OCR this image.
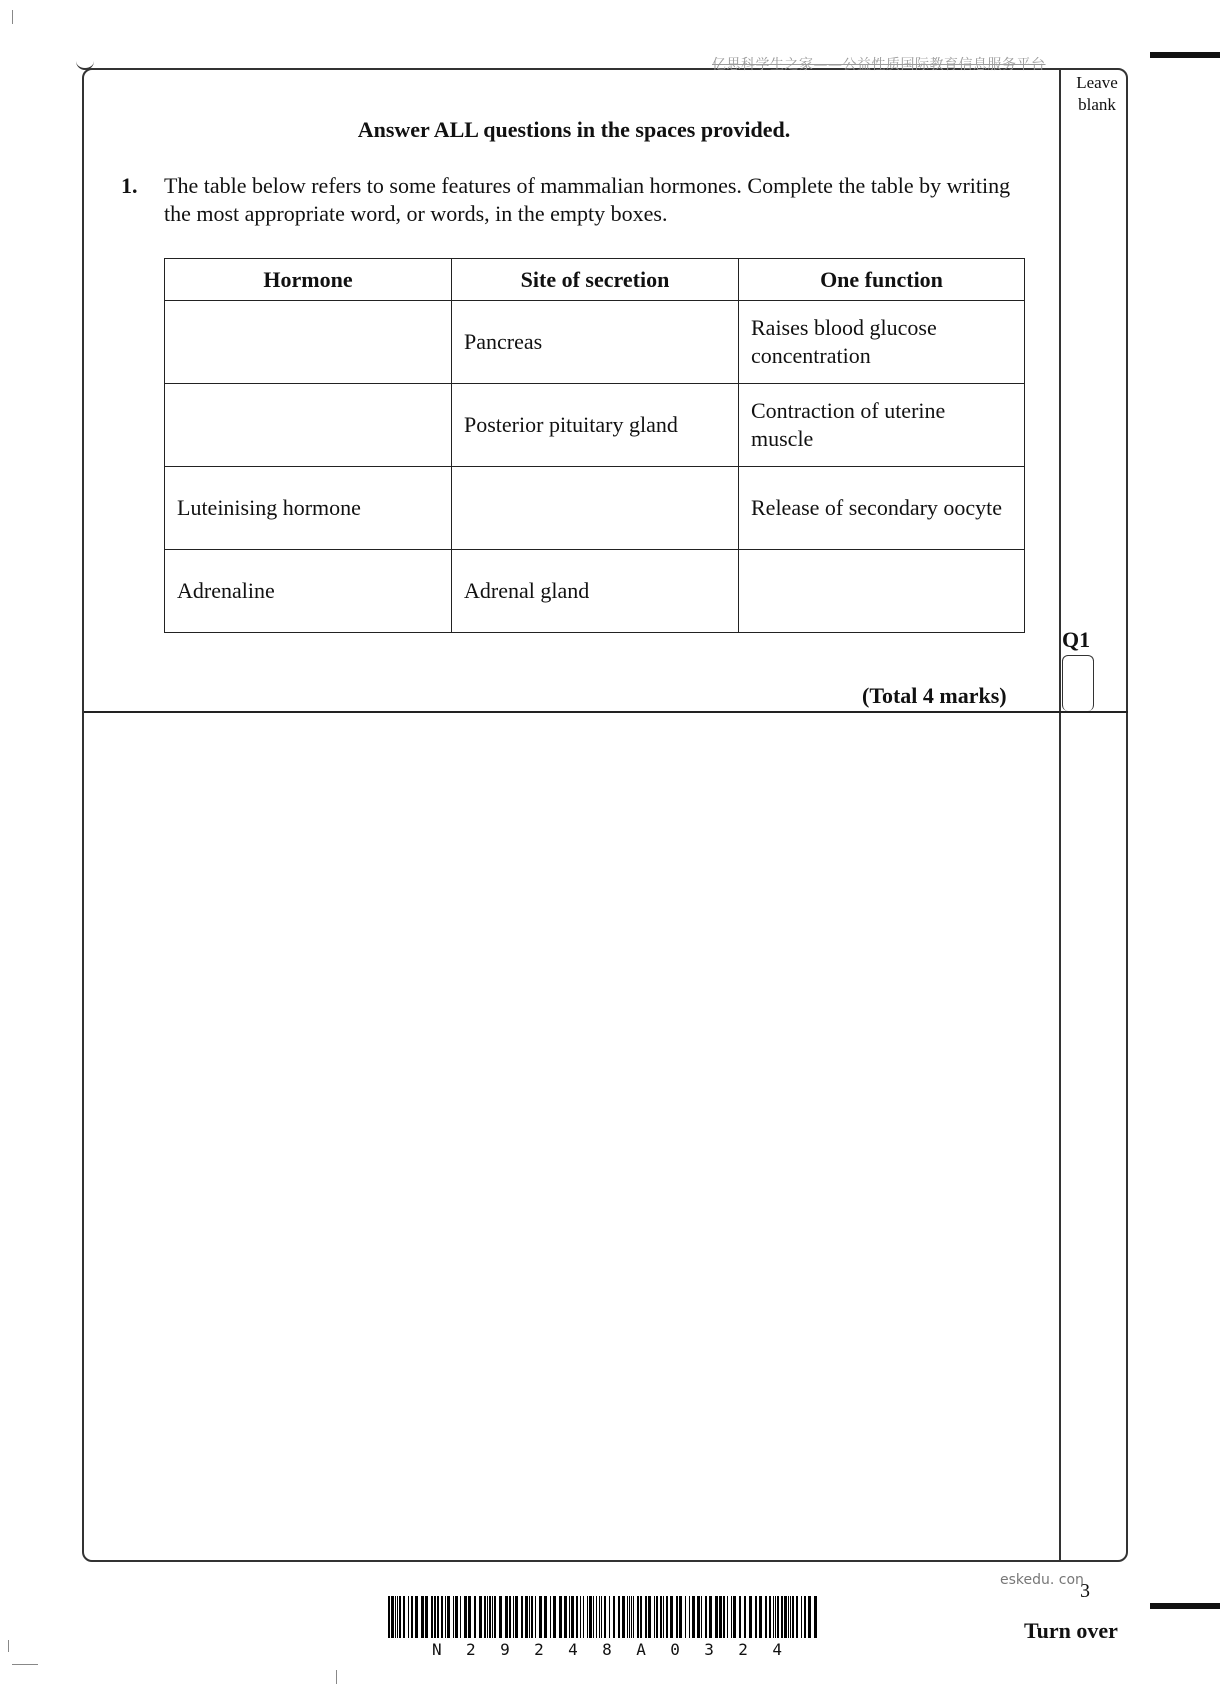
亿思科学生之家——公益性质国际教育信息服务平台
Leave blank
Answer ALL questions in the spaces provided.
1. The table below refers to some features of mammalian hormones. Complete the table by writing the most appropriate word, or words, in the empty boxes.
Hormone	Site of secretion	One function
	Pancreas	Raises blood glucose concentration
	Posterior pituitary gland	Contraction of uterine muscle
Luteinising hormone		Release of secondary oocyte
Adrenaline	Adrenal gland	
Q1
(Total 4 marks)
eskedu. con
3
Turn over
N 2 9 2 4 8 A 0 3 2 4
